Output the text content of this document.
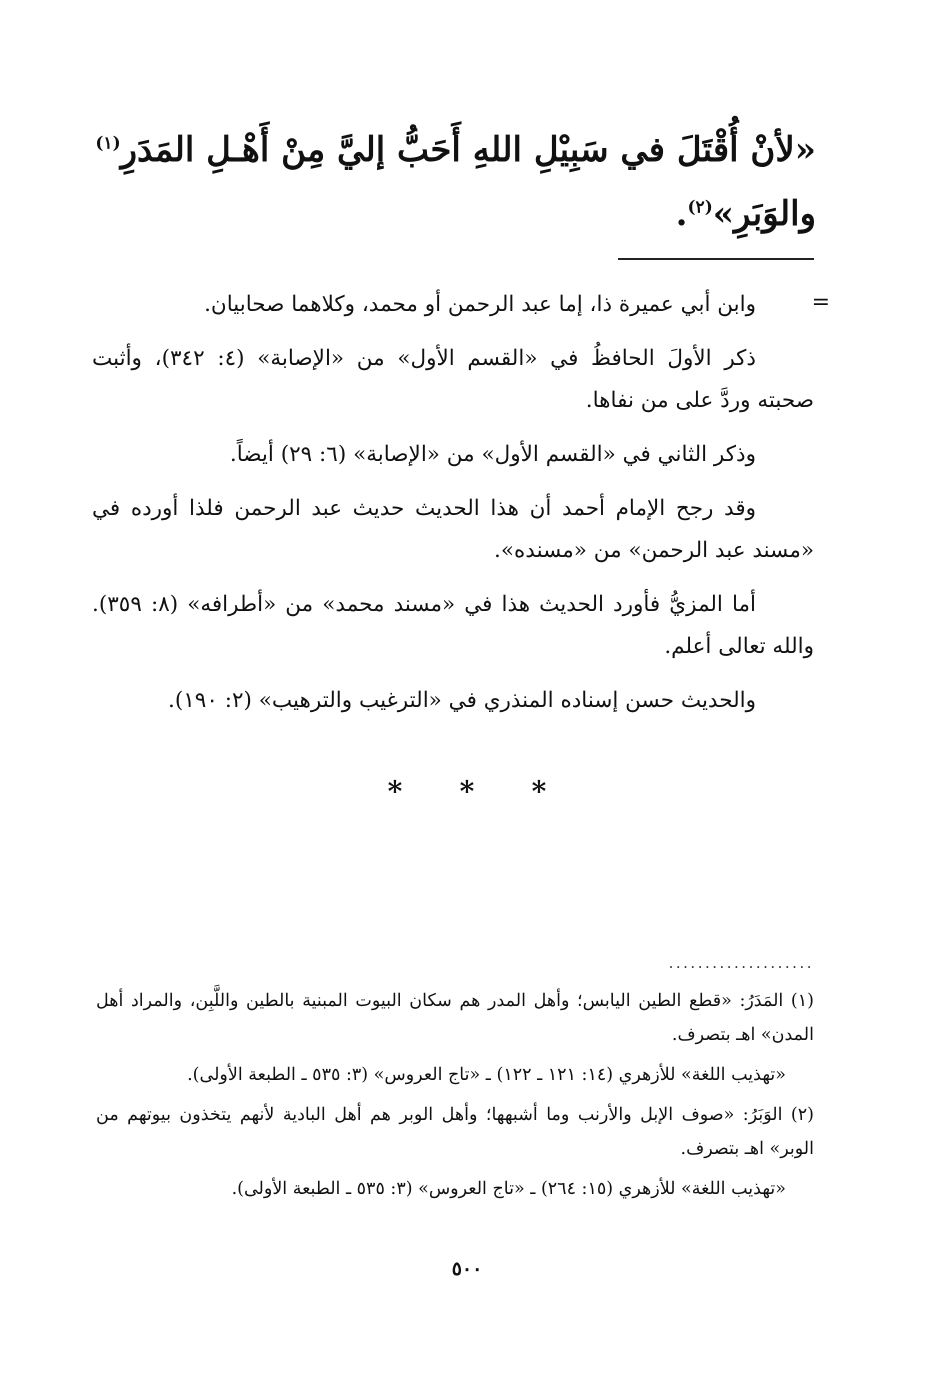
«لأنْ أُقْتَلَ في سَبِيْلِ اللهِ أَحَبُّ إليَّ مِنْ أَهْـلِ المَدَرِ$^{(١)}$ والوَبَرِ»$^{(٢)}$.
=

وابن أبي عميرة ذا، إما عبد الرحمن أو محمد، وكلاهما صحابيان.

ذكر الأولَ الحافظُ في «القسم الأول» من «الإصابة» (٤: ٣٤٢)، وأثبت صحبته وردَّ على من نفاها.

وذكر الثاني في «القسم الأول» من «الإصابة» (٦: ٢٩) أيضاً.

وقد رجح الإمام أحمد أن هذا الحديث حديث عبد الرحمن فلذا أورده في «مسند عبد الرحمن» من «مسنده».

أما المزيُّ فأورد الحديث هذا في «مسند محمد» من «أطرافه» (٨: ٣٥٩). والله تعالى أعلم.

والحديث حسن إسناده المنذري في «الترغيب والترهيب» (٢: ١٩٠).

* * *
....................

(١) المَدَرُ: «قطع الطين اليابس؛ وأهل المدر هم سكان البيوت المبنية بالطين واللَّبِن، والمراد أهل المدن» اهـ بتصرف.

«تهذيب اللغة» للأزهري (١٤: ١٢١ ـ ١٢٢) ـ «تاج العروس» (٣: ٥٣٥ ـ الطبعة الأولى).

(٢) الوَبَرُ: «صوف الإبل والأرنب وما أشبهها؛ وأهل الوبر هم أهل البادية لأنهم يتخذون بيوتهم من الوبر» اهـ بتصرف.

«تهذيب اللغة» للأزهري (١٥: ٢٦٤) ـ «تاج العروس» (٣: ٥٣٥ ـ الطبعة الأولى).

٥٠٠
